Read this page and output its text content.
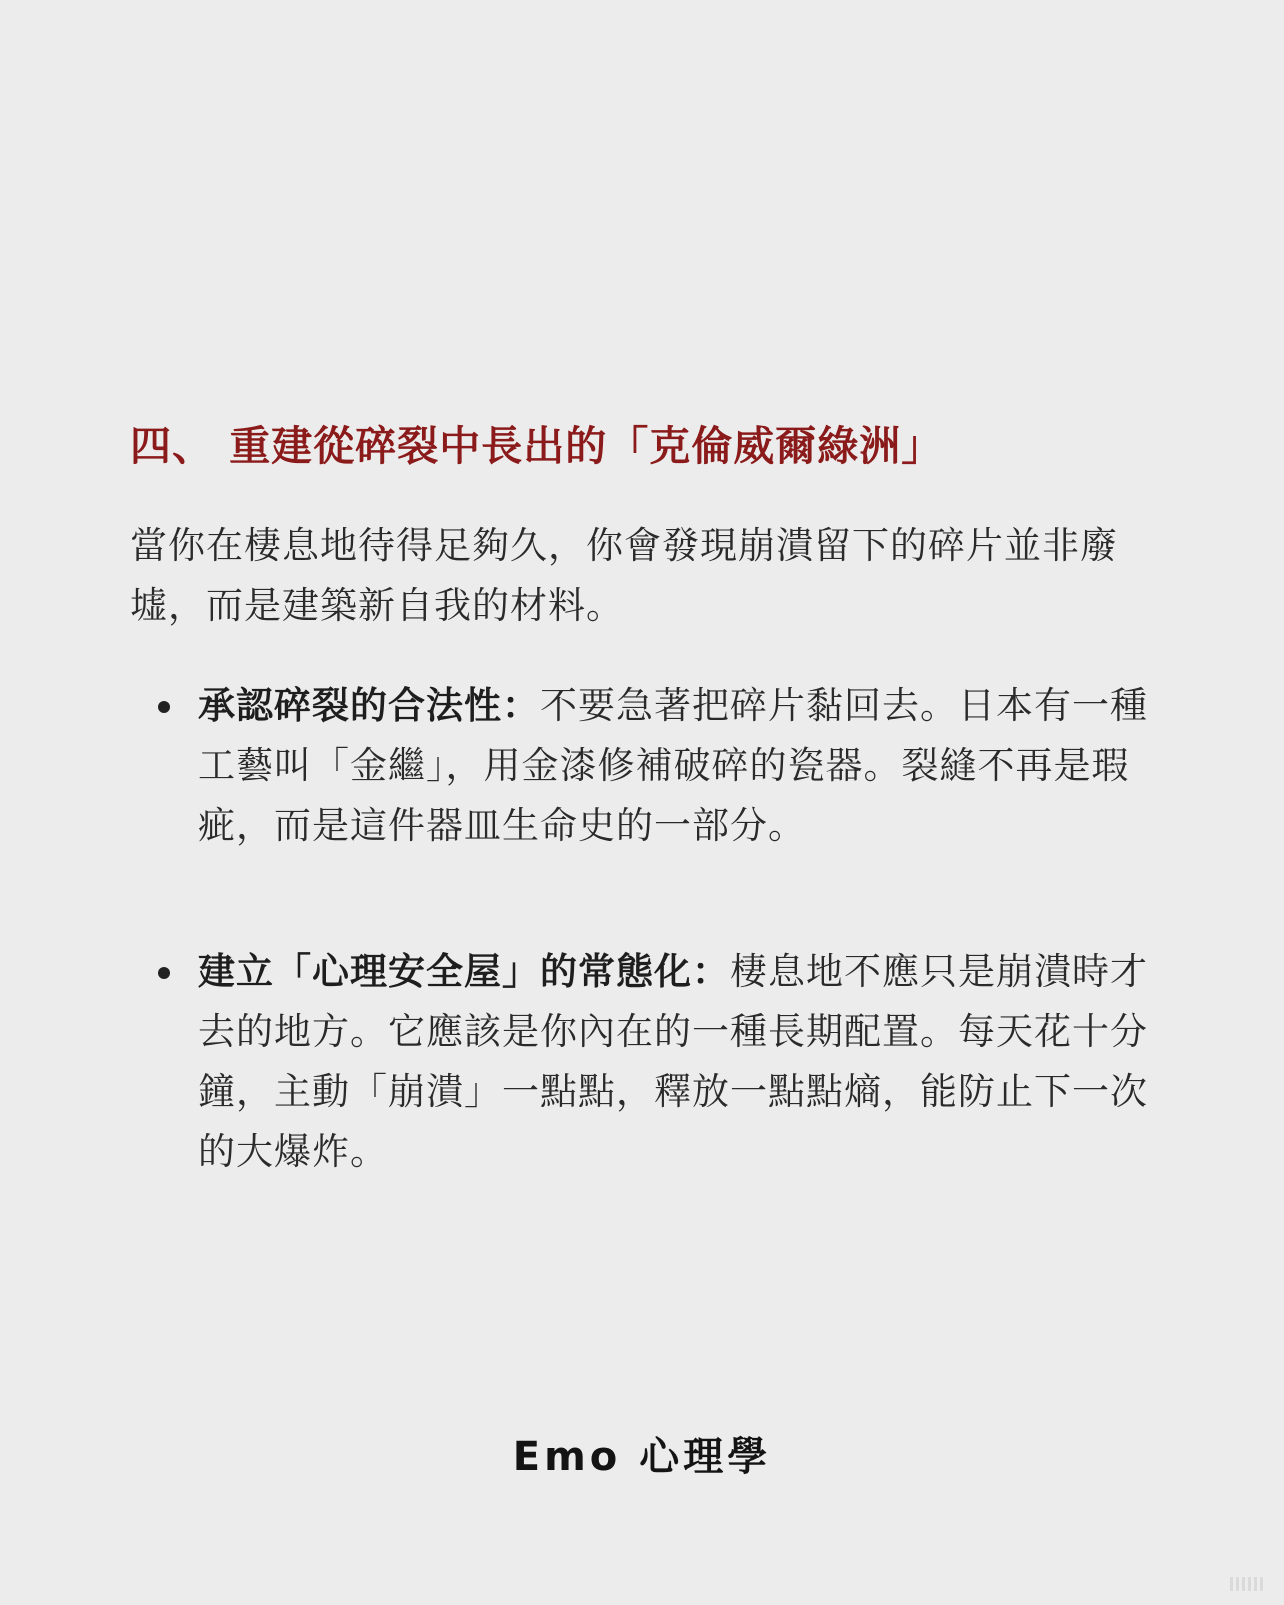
四、 重建從碎裂中長出的「克倫威爾綠洲」

當你在棲息地待得足夠久，你會發現崩潰留下的碎片並非廢墟，而是建築新自我的材料。

承認碎裂的合法性：不要急著把碎片黏回去。日本有一種工藝叫「金繼」，用金漆修補破碎的瓷器。裂縫不再是瑕疵，而是這件器皿生命史的一部分。
建立「心理安全屋」的常態化：棲息地不應只是崩潰時才去的地方。它應該是你內在的一種長期配置。每天花十分鐘，主動「崩潰」一點點，釋放一點點熵，能防止下一次的大爆炸。
Emo 心理學
